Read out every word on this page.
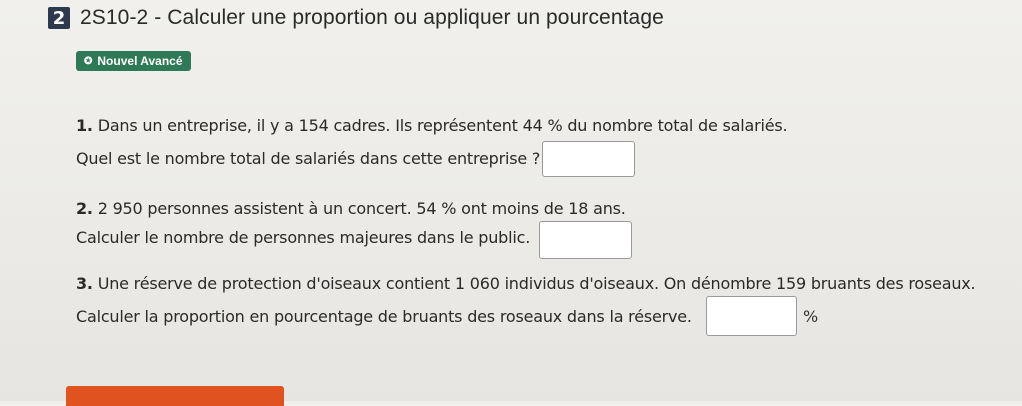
2 2S10-2 - Calculer une proportion ou appliquer un pourcentage
✪ Nouvel Avancé
1. Dans un entreprise, il y a 154 cadres. Ils représentent 44 % du nombre total de salariés.
Quel est le nombre total de salariés dans cette entreprise ?
2. 2 950 personnes assistent à un concert. 54 % ont moins de 18 ans.
Calculer le nombre de personnes majeures dans le public.
3. Une réserve de protection d'oiseaux contient 1 060 individus d'oiseaux. On dénombre 159 bruants des roseaux.
Calculer la proportion en pourcentage de bruants des roseaux dans la réserve.	%
